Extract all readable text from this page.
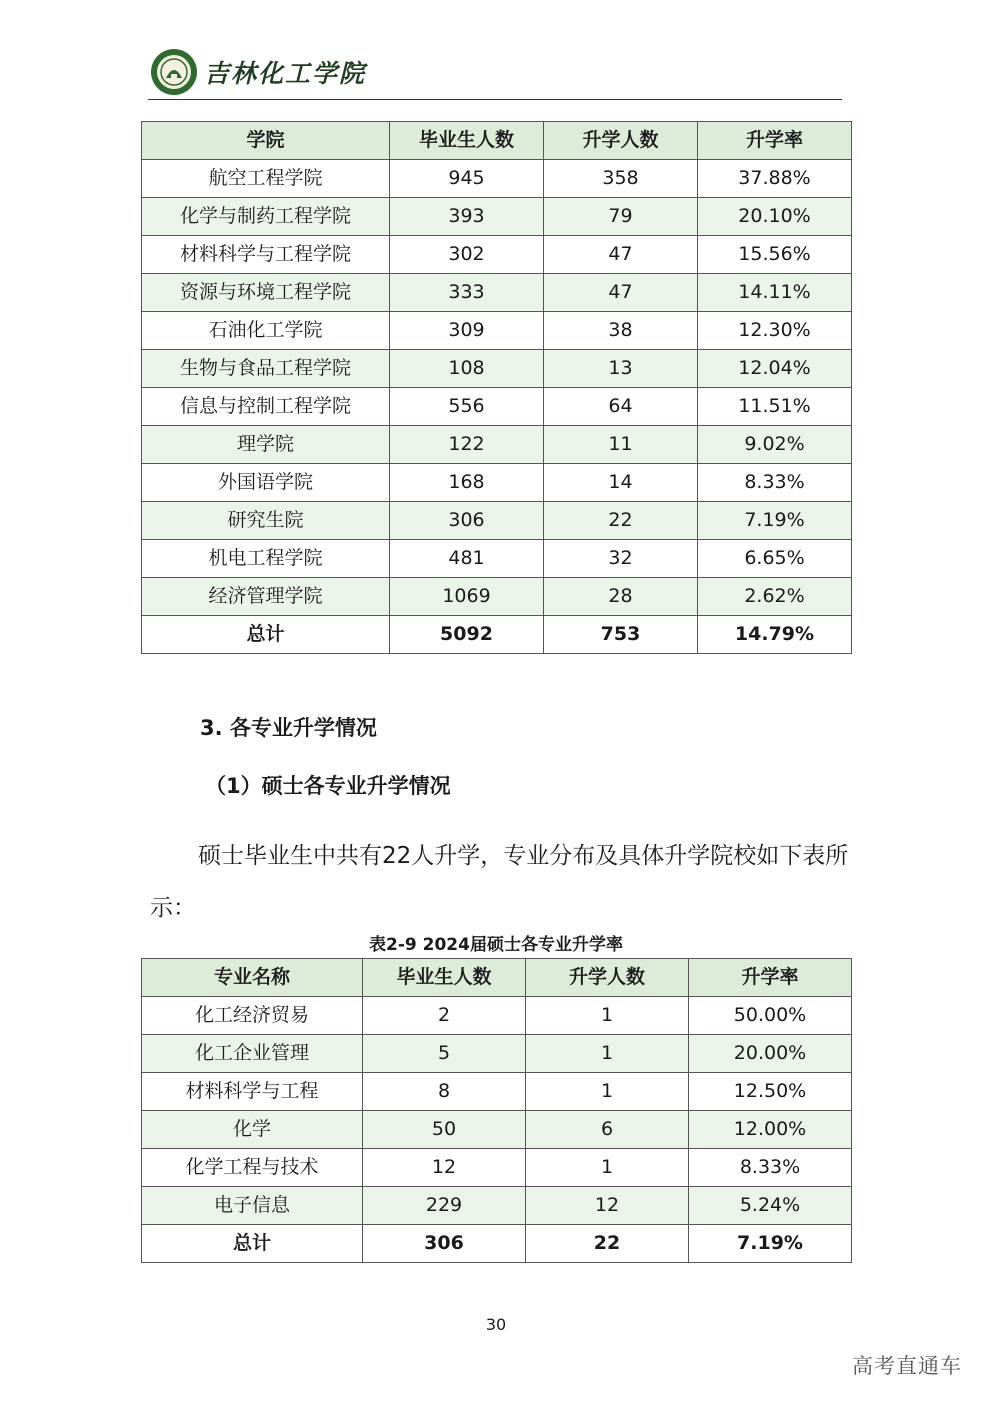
吉林化工学院
学院	毕业生人数	升学人数	升学率
航空工程学院	945	358	37.88%
化学与制药工程学院	393	79	20.10%
材料科学与工程学院	302	47	15.56%
资源与环境工程学院	333	47	14.11%
石油化工学院	309	38	12.30%
生物与食品工程学院	108	13	12.04%
信息与控制工程学院	556	64	11.51%
理学院	122	11	9.02%
外国语学院	168	14	8.33%
研究生院	306	22	7.19%
机电工程学院	481	32	6.65%
经济管理学院	1069	28	2.62%
总计	5092	753	14.79%
3. 各专业升学情况
（1）硕士各专业升学情况
硕士毕业生中共有22人升学，专业分布及具体升学院校如下表所示：
表2-9 2024届硕士各专业升学率
专业名称	毕业生人数	升学人数	升学率
化工经济贸易	2	1	50.00%
化工企业管理	5	1	20.00%
材料科学与工程	8	1	12.50%
化学	50	6	12.00%
化学工程与技术	12	1	8.33%
电子信息	229	12	5.24%
总计	306	22	7.19%
30
高考直通车
